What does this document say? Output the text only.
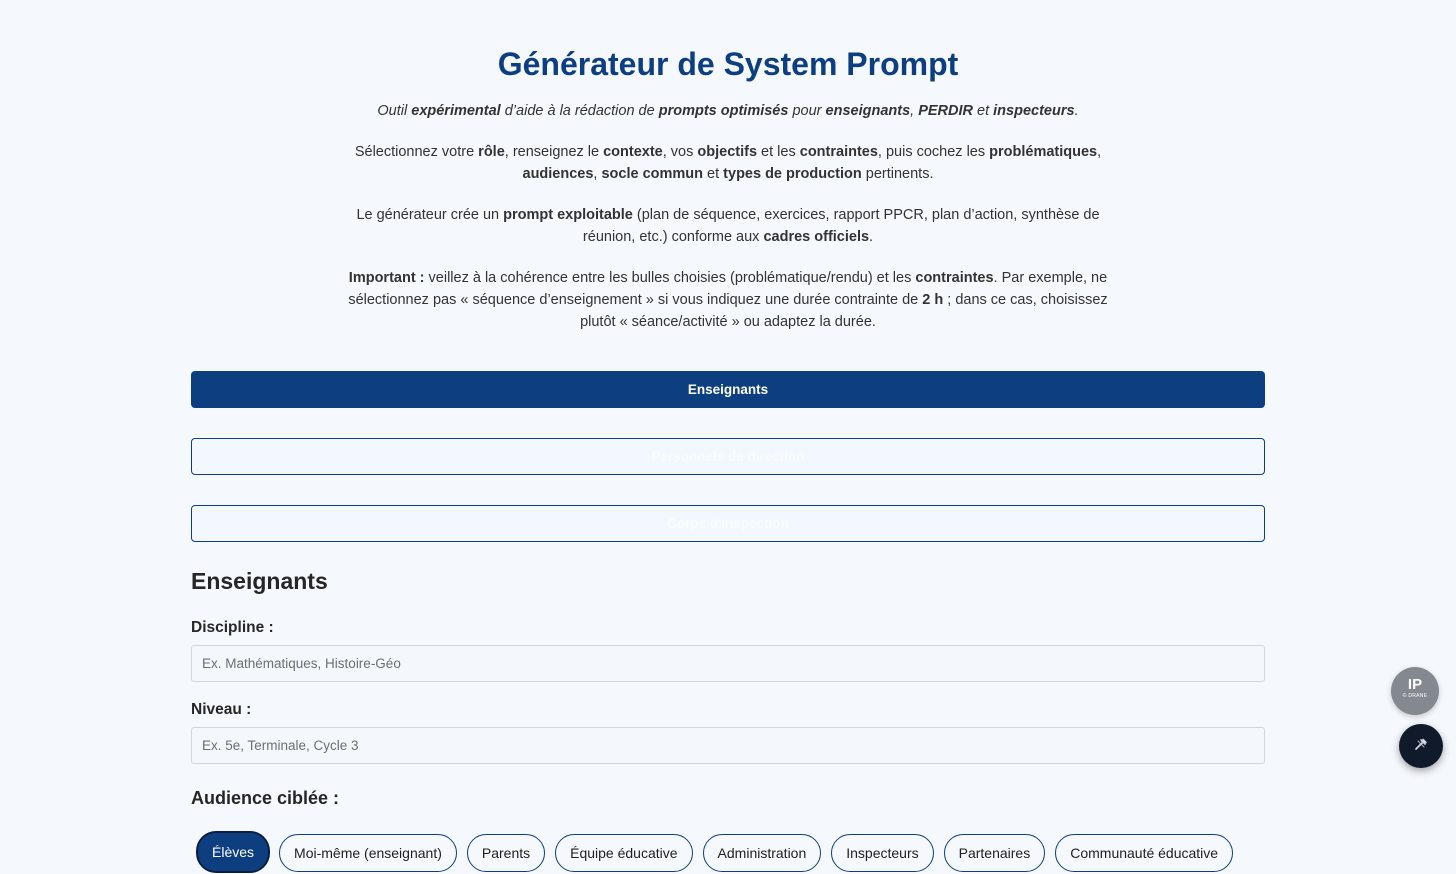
Générateur de System Prompt

Outil expérimental d’aide à la rédaction de prompts optimisés pour enseignants, PERDIR et inspecteurs.

Sélectionnez votre rôle, renseignez le contexte, vos objectifs et les contraintes, puis cochez les problématiques, audiences, socle commun et types de production pertinents.

Le générateur crée un prompt exploitable (plan de séquence, exercices, rapport PPCR, plan d’action, synthèse de réunion, etc.) conforme aux cadres officiels.

Important : veillez à la cohérence entre les bulles choisies (problématique/rendu) et les contraintes. Par exemple, ne sélectionnez pas « séquence d’enseignement » si vous indiquez une durée contrainte de 2 h ; dans ce cas, choisissez plutôt « séance/activité » ou adaptez la durée.

Enseignants
Personnels de direction
Corps d'inspection
Enseignants
Discipline :
Ex. Mathématiques, Histoire-Géo
Niveau :
Ex. 5e, Terminale, Cycle 3
Audience ciblée :
Élèves	Moi-même (enseignant)	Parents	Équipe éducative	Administration	Inspecteurs	Partenaires	Communauté éducative
IP
© DRANE
